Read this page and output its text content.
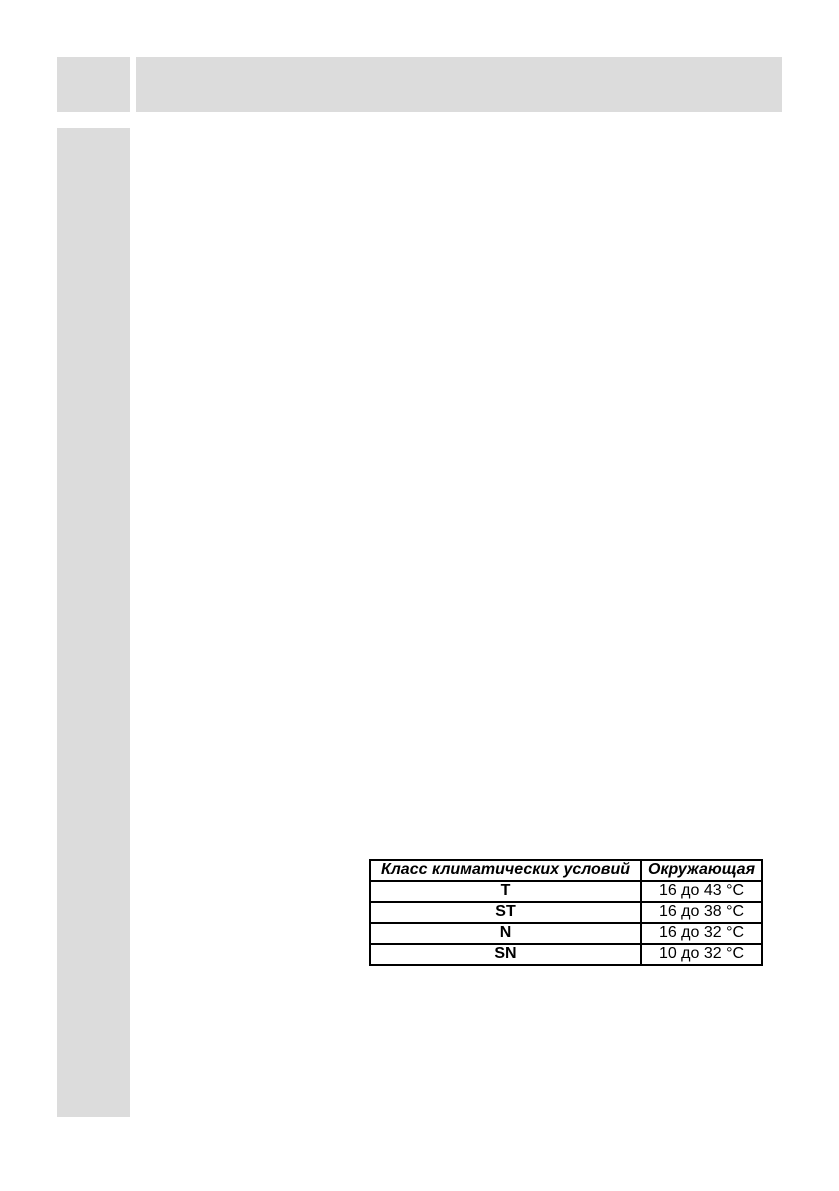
Класс климатических условий	Окружающая
T	16 до 43 °C
ST	16 до 38 °C
N	16 до 32 °C
SN	10 до 32 °C
